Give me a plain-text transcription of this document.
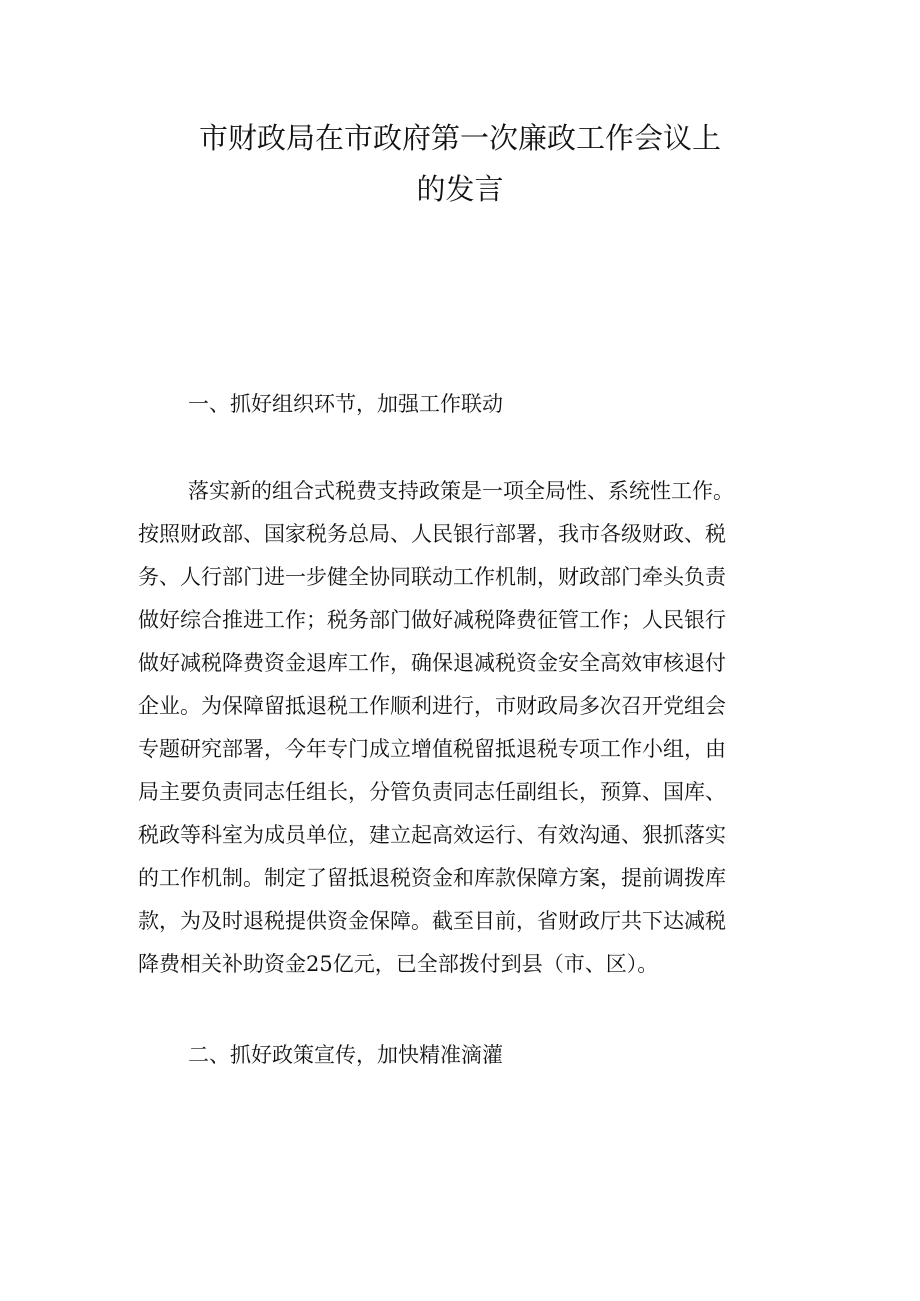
市财政局在市政府第一次廉政工作会议上
的发言

一、抓好组织环节，加强工作联动

落实新的组合式税费支持政策是一项全局性、系统性工作。

按照财政部、国家税务总局、人民银行部署，我市各级财政、税

务、人行部门进一步健全协同联动工作机制，财政部门牵头负责

做好综合推进工作；税务部门做好减税降费征管工作；人民银行

做好减税降费资金退库工作，确保退减税资金安全高效审核退付

企业。为保障留抵退税工作顺利进行，市财政局多次召开党组会

专题研究部署，今年专门成立增值税留抵退税专项工作小组，由

局主要负责同志任组长，分管负责同志任副组长，预算、国库、

税政等科室为成员单位，建立起高效运行、有效沟通、狠抓落实

的工作机制。制定了留抵退税资金和库款保障方案，提前调拨库

款，为及时退税提供资金保障。截至目前，省财政厅共下达减税

降费相关补助资金25亿元，已全部拨付到县（市、区）。

二、抓好政策宣传，加快精准滴灌
